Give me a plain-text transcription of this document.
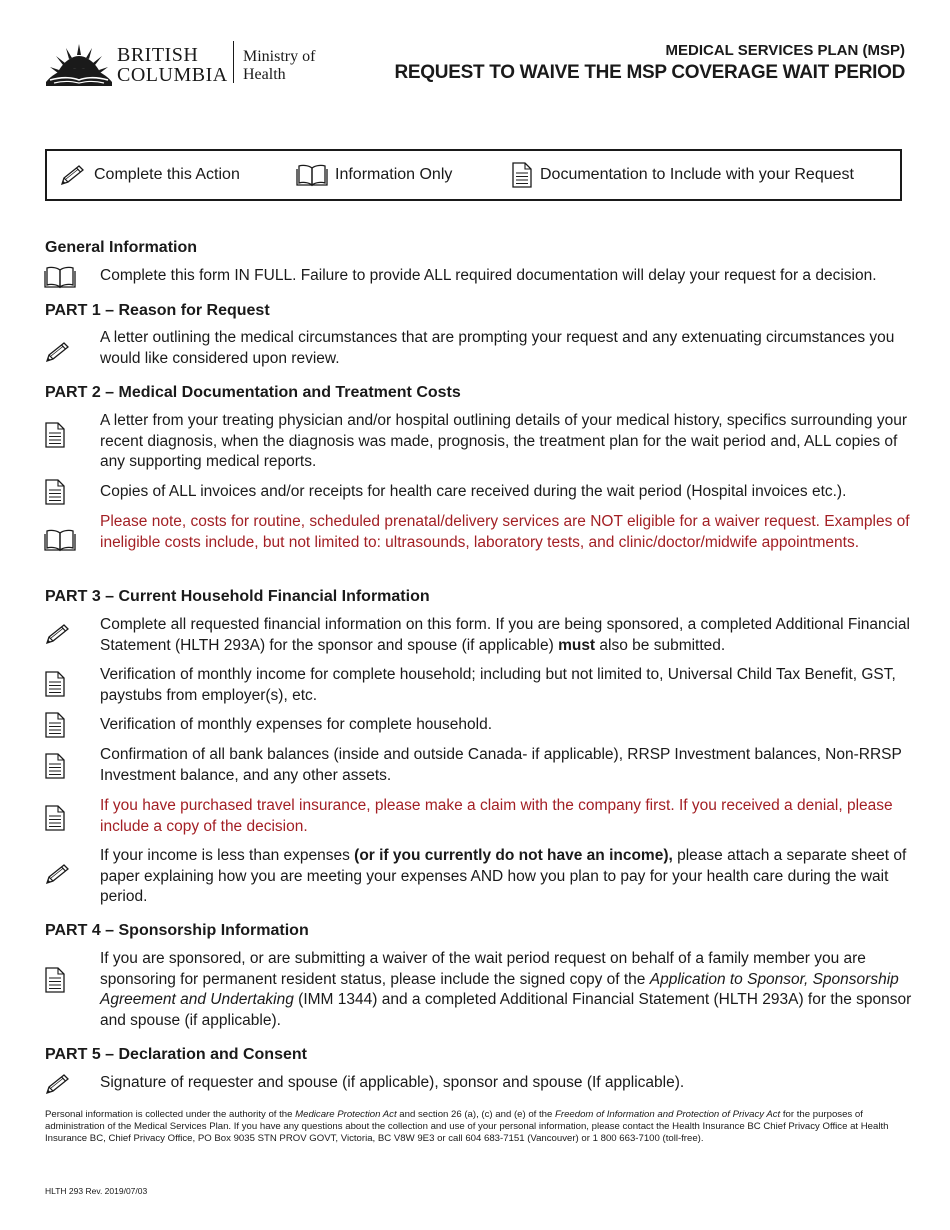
BRITISH
COLUMBIA
Ministry of
Health
MEDICAL SERVICES PLAN (MSP)
REQUEST TO WAIVE THE MSP COVERAGE WAIT PERIOD
Complete this Action	Information Only	Documentation to Include with your Request
General Information
Complete this form IN FULL. Failure to provide ALL required documentation will delay your request for a decision.
PART 1 – Reason for Request
A letter outlining the medical circumstances that are prompting your request and any extenuating circumstances you would like considered upon review.
PART 2 – Medical Documentation and Treatment Costs
A letter from your treating physician and/or hospital outlining details of your medical history, specifics surrounding your recent diagnosis, when the diagnosis was made, prognosis, the treatment plan for the wait period and, ALL copies of any supporting medical reports.
Copies of ALL invoices and/or receipts for health care received during the wait period (Hospital invoices etc.).
Please note, costs for routine, scheduled prenatal/delivery services are NOT eligible for a waiver request. Examples of ineligible costs include, but not limited to: ultrasounds, laboratory tests, and clinic/doctor/midwife appointments.
PART 3 – Current Household Financial Information
Complete all requested financial information on this form. If you are being sponsored, a completed Additional Financial Statement (HLTH 293A) for the sponsor and spouse (if applicable) must also be submitted.
Verification of monthly income for complete household; including but not limited to, Universal Child Tax Benefit, GST, paystubs from employer(s), etc.
Verification of monthly expenses for complete household.
Confirmation of all bank balances (inside and outside Canada- if applicable), RRSP Investment balances, Non-RRSP Investment balance, and any other assets.
If you have purchased travel insurance, please make a claim with the company first. If you received a denial, please include a copy of the decision.
If your income is less than expenses (or if you currently do not have an income), please attach a separate sheet of paper explaining how you are meeting your expenses AND how you plan to pay for your health care during the wait period.
PART 4 – Sponsorship Information
If you are sponsored, or are submitting a waiver of the wait period request on behalf of a family member you are sponsoring for permanent resident status, please include the signed copy of the Application to Sponsor, Sponsorship Agreement and Undertaking (IMM 1344) and a completed Additional Financial Statement (HLTH 293A) for the sponsor and spouse (if applicable).
PART 5 – Declaration and Consent
Signature of requester and spouse (if applicable), sponsor and spouse (If applicable).
Personal information is collected under the authority of the Medicare Protection Act and section 26 (a), (c) and (e) of the Freedom of Information and Protection of Privacy Act for the purposes of administration of the Medical Services Plan. If you have any questions about the collection and use of your personal information, please contact the Health Insurance BC Chief Privacy Office at Health Insurance BC, Chief Privacy Office, PO Box 9035 STN PROV GOVT, Victoria, BC V8W 9E3 or call 604 683-7151 (Vancouver) or 1 800 663-7100 (toll-free).
HLTH 293 Rev. 2019/07/03
